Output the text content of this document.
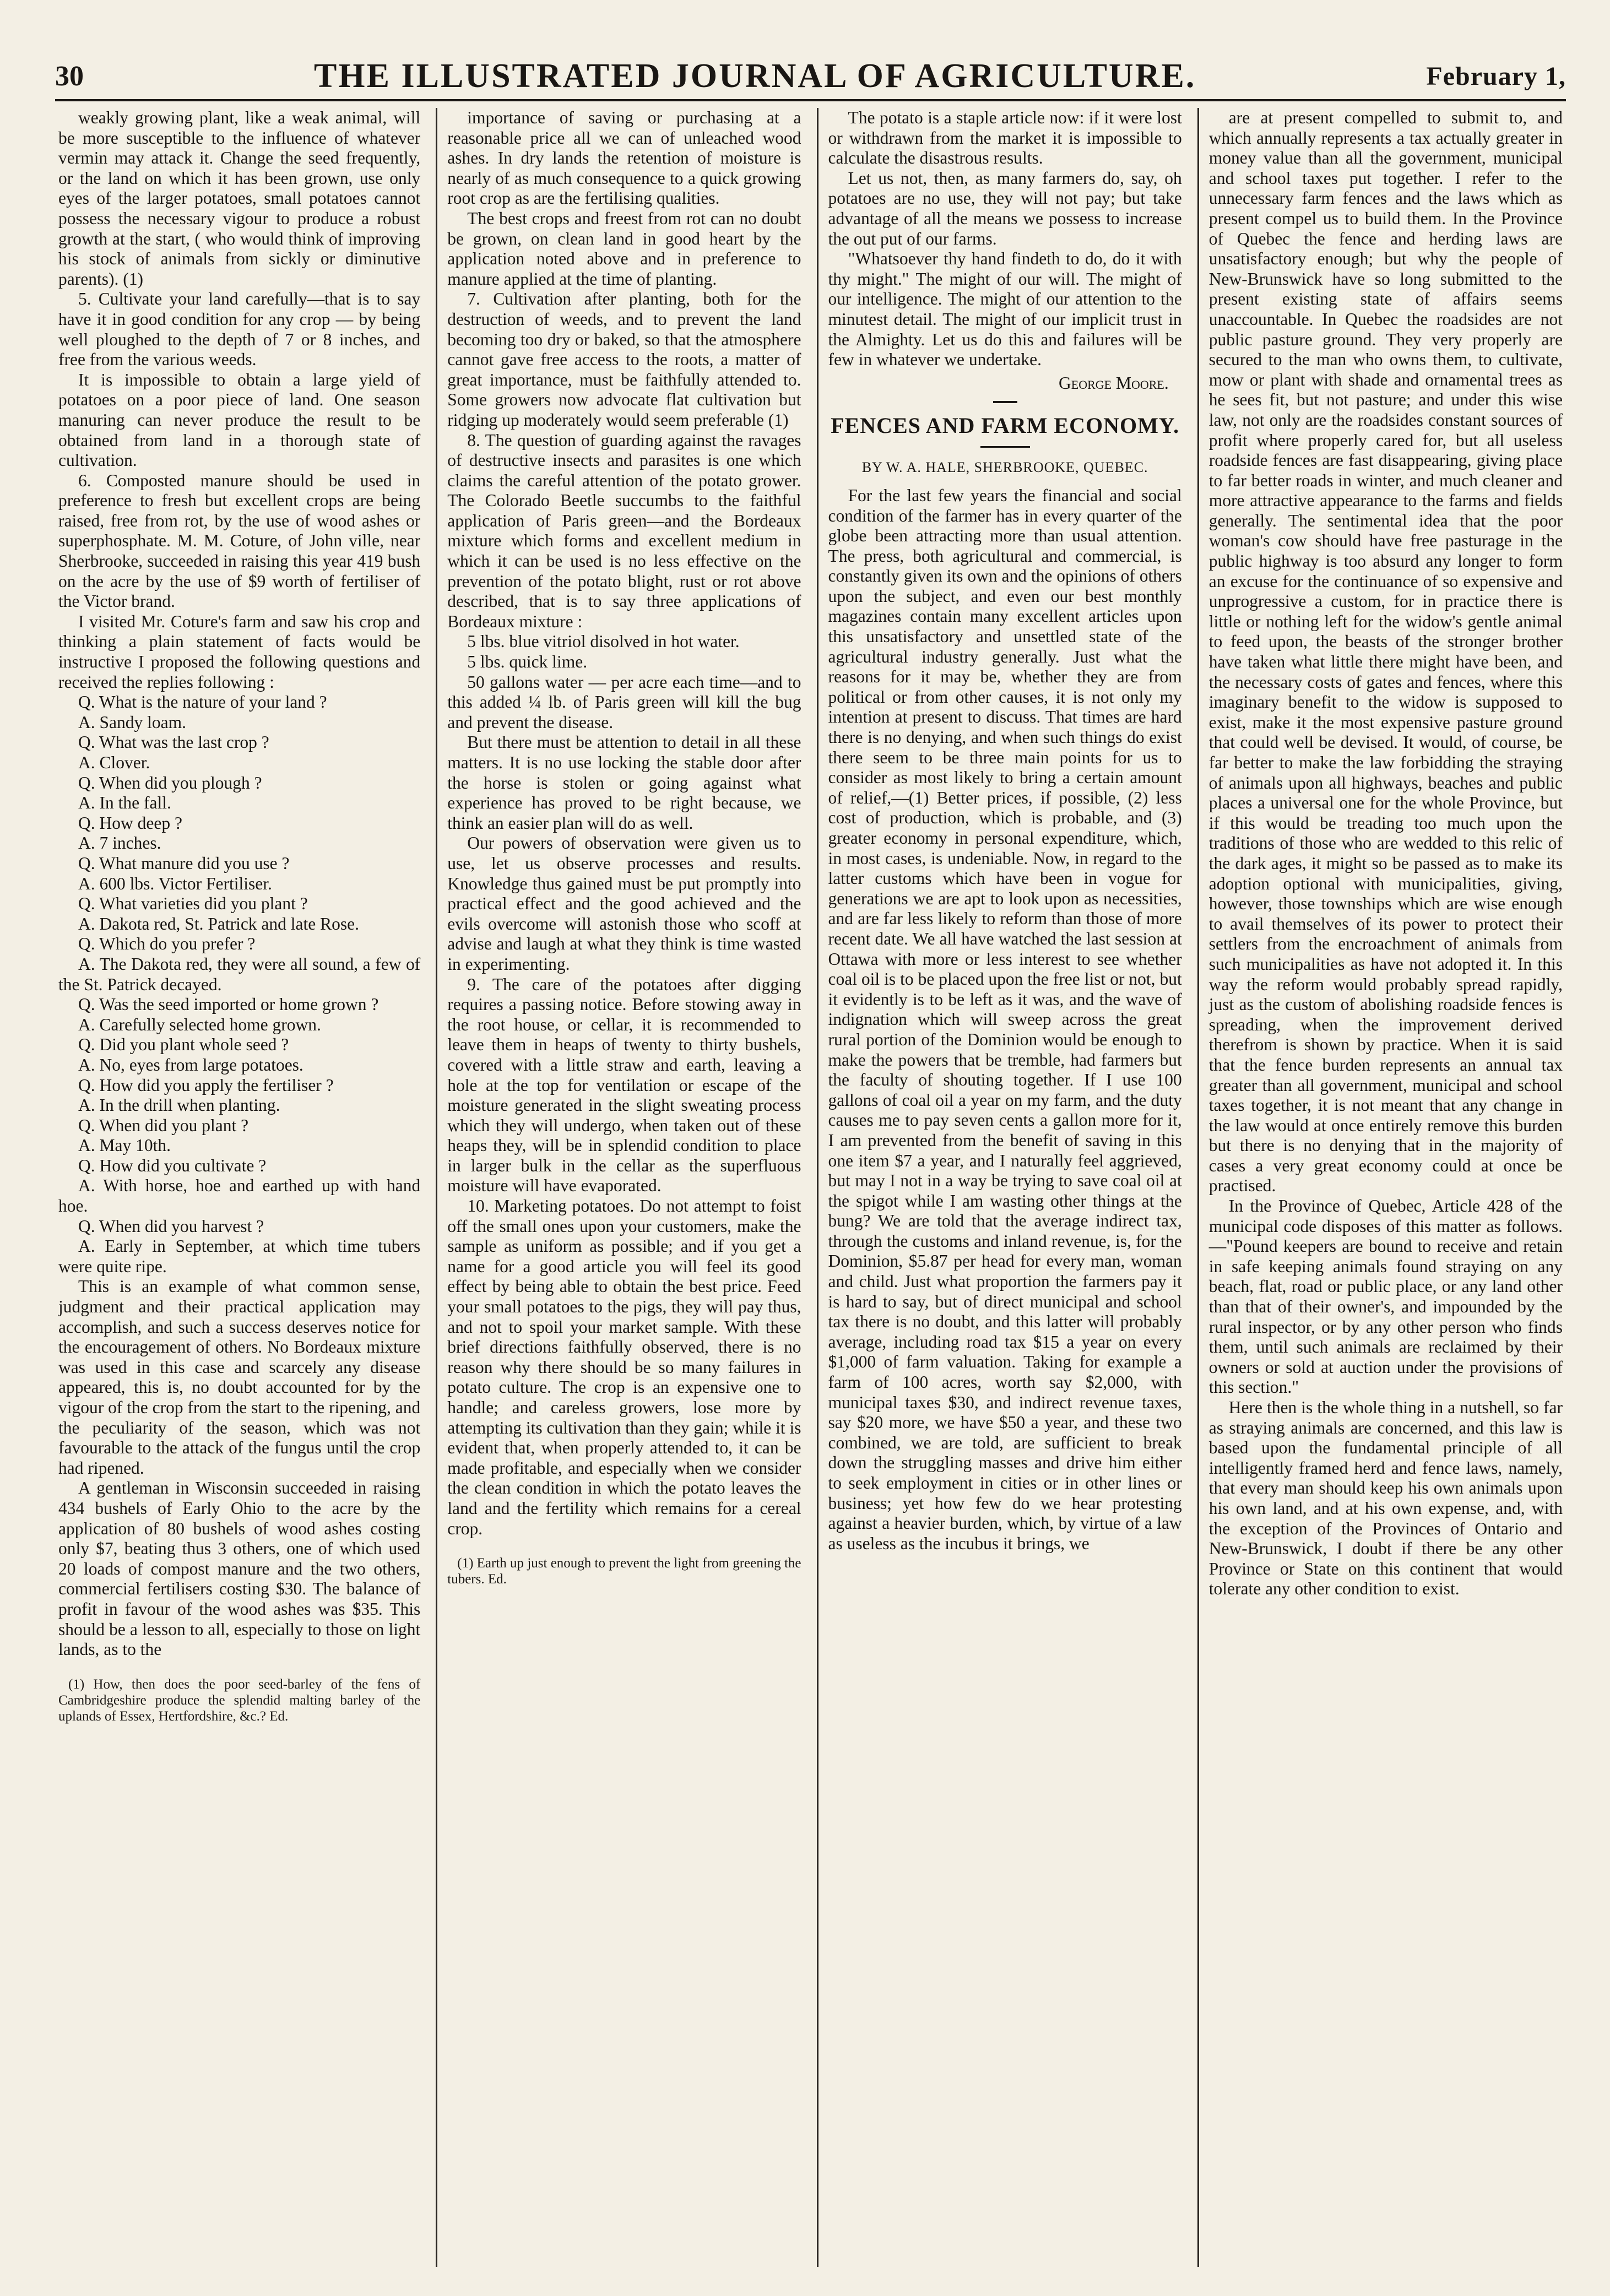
30	THE ILLUSTRATED JOURNAL OF AGRICULTURE.	February 1,

weakly growing plant, like a weak animal, will be more susceptible to the influence of whatever vermin may attack it. Change the seed frequently, or the land on which it has been grown, use only eyes of the larger potatoes, small potatoes cannot possess the necessary vigour to produce a robust growth at the start, ( who would think of improving his stock of animals from sickly or diminutive parents). (1)

5. Cultivate your land carefully—that is to say have it in good condition for any crop — by being well ploughed to the depth of 7 or 8 inches, and free from the various weeds.

It is impossible to obtain a large yield of potatoes on a poor piece of land. One season manuring can never produce the result to be obtained from land in a thorough state of cultivation.

6. Composted manure should be used in preference to fresh but excellent crops are being raised, free from rot, by the use of wood ashes or superphosphate. M. M. Coture, of John ville, near Sherbrooke, succeeded in raising this year 419 bush on the acre by the use of $9 worth of fertiliser of the Victor brand.

I visited Mr. Coture's farm and saw his crop and thinking a plain statement of facts would be instructive I proposed the following questions and received the replies following :

Q. What is the nature of your land ?

A. Sandy loam.

Q. What was the last crop ?

A. Clover.

Q. When did you plough ?

A. In the fall.

Q. How deep ?

A. 7 inches.

Q. What manure did you use ?

A. 600 lbs. Victor Fertiliser.

Q. What varieties did you plant ?

A. Dakota red, St. Patrick and late Rose.

Q. Which do you prefer ?

A. The Dakota red, they were all sound, a few of the St. Patrick decayed.

Q. Was the seed imported or home grown ?

A. Carefully selected home grown.

Q. Did you plant whole seed ?

A. No, eyes from large potatoes.

Q. How did you apply the fertiliser ?

A. In the drill when planting.

Q. When did you plant ?

A. May 10th.

Q. How did you cultivate ?

A. With horse, hoe and earthed up with hand hoe.

Q. When did you harvest ?

A. Early in September, at which time tubers were quite ripe.

This is an example of what common sense, judgment and their practical application may accomplish, and such a success deserves notice for the encouragement of others. No Bordeaux mixture was used in this case and scarcely any disease appeared, this is, no doubt accounted for by the vigour of the crop from the start to the ripening, and the peculiarity of the season, which was not favourable to the attack of the fungus until the crop had ripened.

A gentleman in Wisconsin succeeded in raising 434 bushels of Early Ohio to the acre by the application of 80 bushels of wood ashes costing only $7, beating thus 3 others, one of which used 20 loads of compost manure and the two others, commercial fertilisers costing $30. The balance of profit in favour of the wood ashes was $35. This should be a lesson to all, especially to those on light lands, as to the

(1) How, then does the poor seed-barley of the fens of Cambridgeshire produce the splendid malting barley of the uplands of Essex, Hertfordshire, &c.? Ed.

importance of saving or purchasing at a reasonable price all we can of unleached wood ashes. In dry lands the retention of moisture is nearly of as much consequence to a quick growing root crop as are the fertilising qualities.

The best crops and freest from rot can no doubt be grown, on clean land in good heart by the application noted above and in preference to manure applied at the time of planting.

7. Cultivation after planting, both for the destruction of weeds, and to prevent the land becoming too dry or baked, so that the atmosphere cannot gave free access to the roots, a matter of great importance, must be faithfully attended to. Some growers now advocate flat cultivation but ridging up moderately would seem preferable (1)

8. The question of guarding against the ravages of destructive insects and parasites is one which claims the careful attention of the potato grower. The Colorado Beetle succumbs to the faithful application of Paris green—and the Bordeaux mixture which forms and excellent medium in which it can be used is no less effective on the prevention of the potato blight, rust or rot above described, that is to say three applications of Bordeaux mixture :

5 lbs. blue vitriol disolved in hot water.

5 lbs. quick lime.

50 gallons water — per acre each time—and to this added ¼ lb. of Paris green will kill the bug and prevent the disease.

But there must be attention to detail in all these matters. It is no use locking the stable door after the horse is stolen or going against what experience has proved to be right because, we think an easier plan will do as well.

Our powers of observation were given us to use, let us observe processes and results. Knowledge thus gained must be put promptly into practical effect and the good achieved and the evils overcome will astonish those who scoff at advise and laugh at what they think is time wasted in experimenting.

9. The care of the potatoes after digging requires a passing notice. Before stowing away in the root house, or cellar, it is recommended to leave them in heaps of twenty to thirty bushels, covered with a little straw and earth, leaving a hole at the top for ventilation or escape of the moisture generated in the slight sweating process which they will undergo, when taken out of these heaps they, will be in splendid condition to place in larger bulk in the cellar as the superfluous moisture will have evaporated.

10. Marketing potatoes. Do not attempt to foist off the small ones upon your customers, make the sample as uniform as possible; and if you get a name for a good article you will feel its good effect by being able to obtain the best price. Feed your small potatoes to the pigs, they will pay thus, and not to spoil your market sample. With these brief directions faithfully observed, there is no reason why there should be so many failures in potato culture. The crop is an expensive one to handle; and careless growers, lose more by attempting its cultivation than they gain; while it is evident that, when properly attended to, it can be made profitable, and especially when we consider the clean condition in which the potato leaves the land and the fertility which remains for a cereal crop.

(1) Earth up just enough to prevent the light from greening the tubers. Ed.

The potato is a staple article now: if it were lost or withdrawn from the market it is impossible to calculate the disastrous results.

Let us not, then, as many farmers do, say, oh potatoes are no use, they will not pay; but take advantage of all the means we possess to increase the out put of our farms.

"Whatsoever thy hand findeth to do, do it with thy might." The might of our will. The might of our intelligence. The might of our attention to the minutest detail. The might of our implicit trust in the Almighty. Let us do this and failures will be few in whatever we undertake.

George Moore.

FENCES AND FARM ECONOMY.

BY W. A. HALE, SHERBROOKE, QUEBEC.

For the last few years the financial and social condition of the farmer has in every quarter of the globe been attracting more than usual attention. The press, both agricultural and commercial, is constantly given its own and the opinions of others upon the subject, and even our best monthly magazines contain many excellent articles upon this unsatisfactory and unsettled state of the agricultural industry generally. Just what the reasons for it may be, whether they are from political or from other causes, it is not only my intention at present to discuss. That times are hard there is no denying, and when such things do exist there seem to be three main points for us to consider as most likely to bring a certain amount of relief,—(1) Better prices, if possible, (2) less cost of production, which is probable, and (3) greater economy in personal expenditure, which, in most cases, is undeniable. Now, in regard to the latter customs which have been in vogue for generations we are apt to look upon as necessities, and are far less likely to reform than those of more recent date. We all have watched the last session at Ottawa with more or less interest to see whether coal oil is to be placed upon the free list or not, but it evidently is to be left as it was, and the wave of indignation which will sweep across the great rural portion of the Dominion would be enough to make the powers that be tremble, had farmers but the faculty of shouting together. If I use 100 gallons of coal oil a year on my farm, and the duty causes me to pay seven cents a gallon more for it, I am prevented from the benefit of saving in this one item $7 a year, and I naturally feel aggrieved, but may I not in a way be trying to save coal oil at the spigot while I am wasting other things at the bung? We are told that the average indirect tax, through the customs and inland revenue, is, for the Dominion, $5.87 per head for every man, woman and child. Just what proportion the farmers pay it is hard to say, but of direct municipal and school tax there is no doubt, and this latter will probably average, including road tax $15 a year on every $1,000 of farm valuation. Taking for example a farm of 100 acres, worth say $2,000, with municipal taxes $30, and indirect revenue taxes, say $20 more, we have $50 a year, and these two combined, we are told, are sufficient to break down the struggling masses and drive him either to seek employment in cities or in other lines or business; yet how few do we hear protesting against a heavier burden, which, by virtue of a law as useless as the incubus it brings, we

are at present compelled to submit to, and which annually represents a tax actually greater in money value than all the government, municipal and school taxes put together. I refer to the unnecessary farm fences and the laws which as present compel us to build them. In the Province of Quebec the fence and herding laws are unsatisfactory enough; but why the people of New-Brunswick have so long submitted to the present existing state of affairs seems unaccountable. In Quebec the roadsides are not public pasture ground. They very properly are secured to the man who owns them, to cultivate, mow or plant with shade and ornamental trees as he sees fit, but not pasture; and under this wise law, not only are the roadsides constant sources of profit where properly cared for, but all useless roadside fences are fast disappearing, giving place to far better roads in winter, and much cleaner and more attractive appearance to the farms and fields generally. The sentimental idea that the poor woman's cow should have free pasturage in the public highway is too absurd any longer to form an excuse for the continuance of so expensive and unprogressive a custom, for in practice there is little or nothing left for the widow's gentle animal to feed upon, the beasts of the stronger brother have taken what little there might have been, and the necessary costs of gates and fences, where this imaginary benefit to the widow is supposed to exist, make it the most expensive pasture ground that could well be devised. It would, of course, be far better to make the law forbidding the straying of animals upon all highways, beaches and public places a universal one for the whole Province, but if this would be treading too much upon the traditions of those who are wedded to this relic of the dark ages, it might so be passed as to make its adoption optional with municipalities, giving, however, those townships which are wise enough to avail themselves of its power to protect their settlers from the encroachment of animals from such municipalities as have not adopted it. In this way the reform would probably spread rapidly, just as the custom of abolishing roadside fences is spreading, when the improvement derived therefrom is shown by practice. When it is said that the fence burden represents an annual tax greater than all government, municipal and school taxes together, it is not meant that any change in the law would at once entirely remove this burden but there is no denying that in the majority of cases a very great economy could at once be practised.

In the Province of Quebec, Article 428 of the municipal code disposes of this matter as follows.—"Pound keepers are bound to receive and retain in safe keeping animals found straying on any beach, flat, road or public place, or any land other than that of their owner's, and impounded by the rural inspector, or by any other person who finds them, until such animals are reclaimed by their owners or sold at auction under the provisions of this section."

Here then is the whole thing in a nutshell, so far as straying animals are concerned, and this law is based upon the fundamental principle of all intelligently framed herd and fence laws, namely, that every man should keep his own animals upon his own land, and at his own expense, and, with the exception of the Provinces of Ontario and New-Brunswick, I doubt if there be any other Province or State on this continent that would tolerate any other condition to exist.
